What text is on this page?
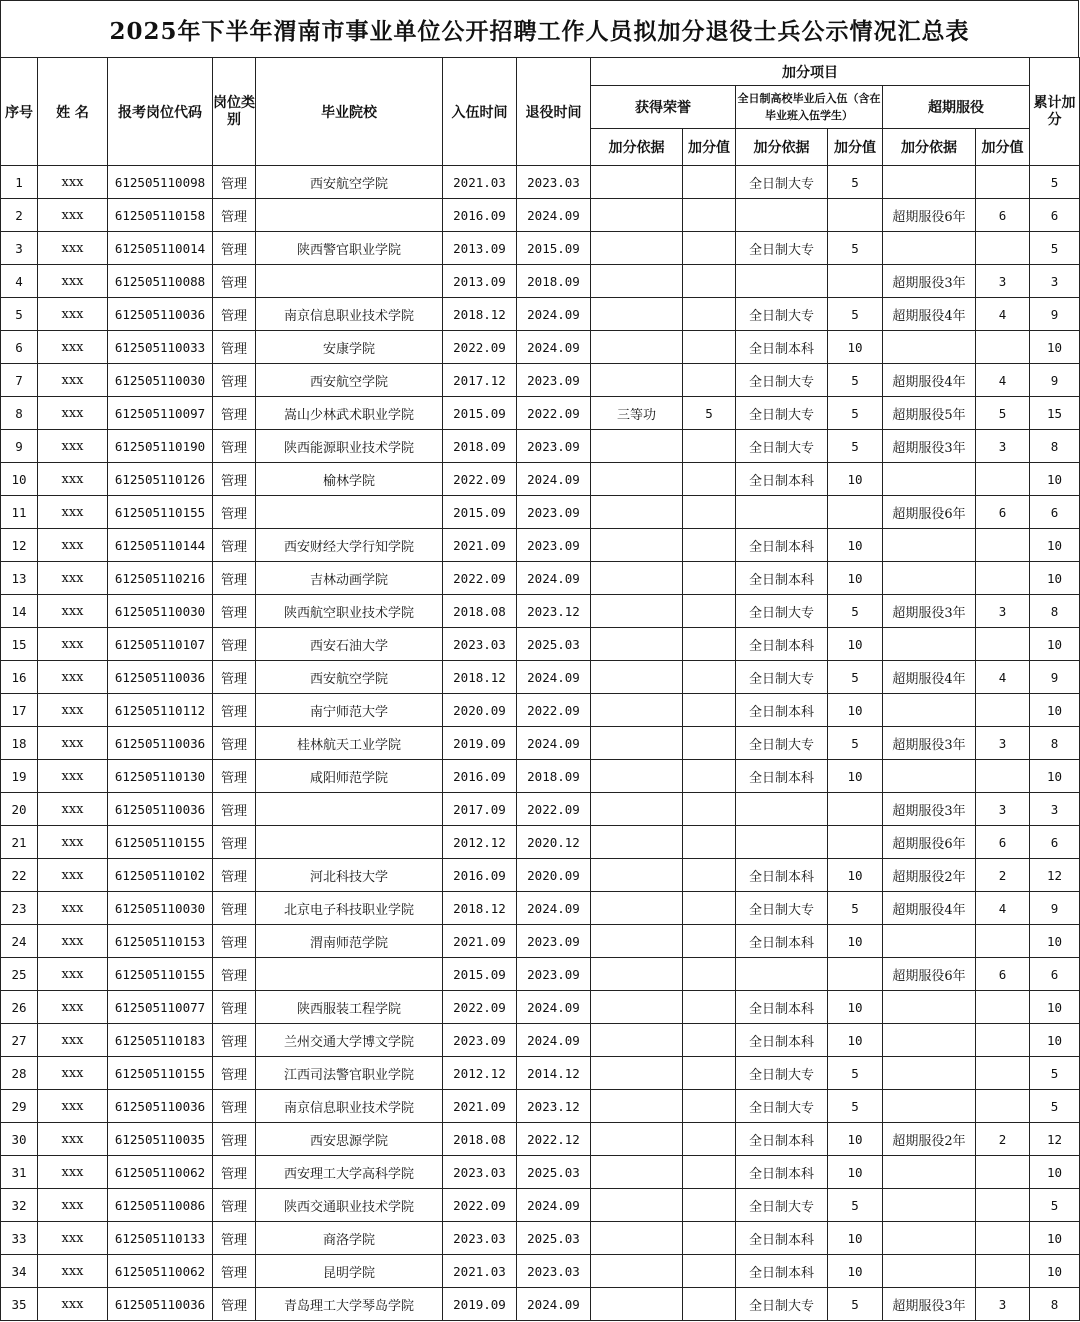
2025年下半年渭南市事业单位公开招聘工作人员拟加分退役士兵公示情况汇总表
序号	姓 名	报考岗位代码	岗位类别	毕业院校	入伍时间	退役时间	加分项目						累计加分
							获得荣誉		全日制高校毕业后入伍（含在毕业班入伍学生）		超期服役		
							加分依据	加分值	加分依据	加分值	加分依据	加分值	
1	xxx	612505110098	管理	西安航空学院	2021.03	2023.03			全日制大专	5			5
2	xxx	612505110158	管理		2016.09	2024.09					超期服役6年	6	6
3	xxx	612505110014	管理	陕西警官职业学院	2013.09	2015.09			全日制大专	5			5
4	xxx	612505110088	管理		2013.09	2018.09					超期服役3年	3	3
5	xxx	612505110036	管理	南京信息职业技术学院	2018.12	2024.09			全日制大专	5	超期服役4年	4	9
6	xxx	612505110033	管理	安康学院	2022.09	2024.09			全日制本科	10			10
7	xxx	612505110030	管理	西安航空学院	2017.12	2023.09			全日制大专	5	超期服役4年	4	9
8	xxx	612505110097	管理	嵩山少林武术职业学院	2015.09	2022.09	三等功	5	全日制大专	5	超期服役5年	5	15
9	xxx	612505110190	管理	陕西能源职业技术学院	2018.09	2023.09			全日制大专	5	超期服役3年	3	8
10	xxx	612505110126	管理	榆林学院	2022.09	2024.09			全日制本科	10			10
11	xxx	612505110155	管理		2015.09	2023.09					超期服役6年	6	6
12	xxx	612505110144	管理	西安财经大学行知学院	2021.09	2023.09			全日制本科	10			10
13	xxx	612505110216	管理	吉林动画学院	2022.09	2024.09			全日制本科	10			10
14	xxx	612505110030	管理	陕西航空职业技术学院	2018.08	2023.12			全日制大专	5	超期服役3年	3	8
15	xxx	612505110107	管理	西安石油大学	2023.03	2025.03			全日制本科	10			10
16	xxx	612505110036	管理	西安航空学院	2018.12	2024.09			全日制大专	5	超期服役4年	4	9
17	xxx	612505110112	管理	南宁师范大学	2020.09	2022.09			全日制本科	10			10
18	xxx	612505110036	管理	桂林航天工业学院	2019.09	2024.09			全日制大专	5	超期服役3年	3	8
19	xxx	612505110130	管理	咸阳师范学院	2016.09	2018.09			全日制本科	10			10
20	xxx	612505110036	管理		2017.09	2022.09					超期服役3年	3	3
21	xxx	612505110155	管理		2012.12	2020.12					超期服役6年	6	6
22	xxx	612505110102	管理	河北科技大学	2016.09	2020.09			全日制本科	10	超期服役2年	2	12
23	xxx	612505110030	管理	北京电子科技职业学院	2018.12	2024.09			全日制大专	5	超期服役4年	4	9
24	xxx	612505110153	管理	渭南师范学院	2021.09	2023.09			全日制本科	10			10
25	xxx	612505110155	管理		2015.09	2023.09					超期服役6年	6	6
26	xxx	612505110077	管理	陕西服装工程学院	2022.09	2024.09			全日制本科	10			10
27	xxx	612505110183	管理	兰州交通大学博文学院	2023.09	2024.09			全日制本科	10			10
28	xxx	612505110155	管理	江西司法警官职业学院	2012.12	2014.12			全日制大专	5			5
29	xxx	612505110036	管理	南京信息职业技术学院	2021.09	2023.12			全日制大专	5			5
30	xxx	612505110035	管理	西安思源学院	2018.08	2022.12			全日制本科	10	超期服役2年	2	12
31	xxx	612505110062	管理	西安理工大学高科学院	2023.03	2025.03			全日制本科	10			10
32	xxx	612505110086	管理	陕西交通职业技术学院	2022.09	2024.09			全日制大专	5			5
33	xxx	612505110133	管理	商洛学院	2023.03	2025.03			全日制本科	10			10
34	xxx	612505110062	管理	昆明学院	2021.03	2023.03			全日制本科	10			10
35	xxx	612505110036	管理	青岛理工大学琴岛学院	2019.09	2024.09			全日制大专	5	超期服役3年	3	8
